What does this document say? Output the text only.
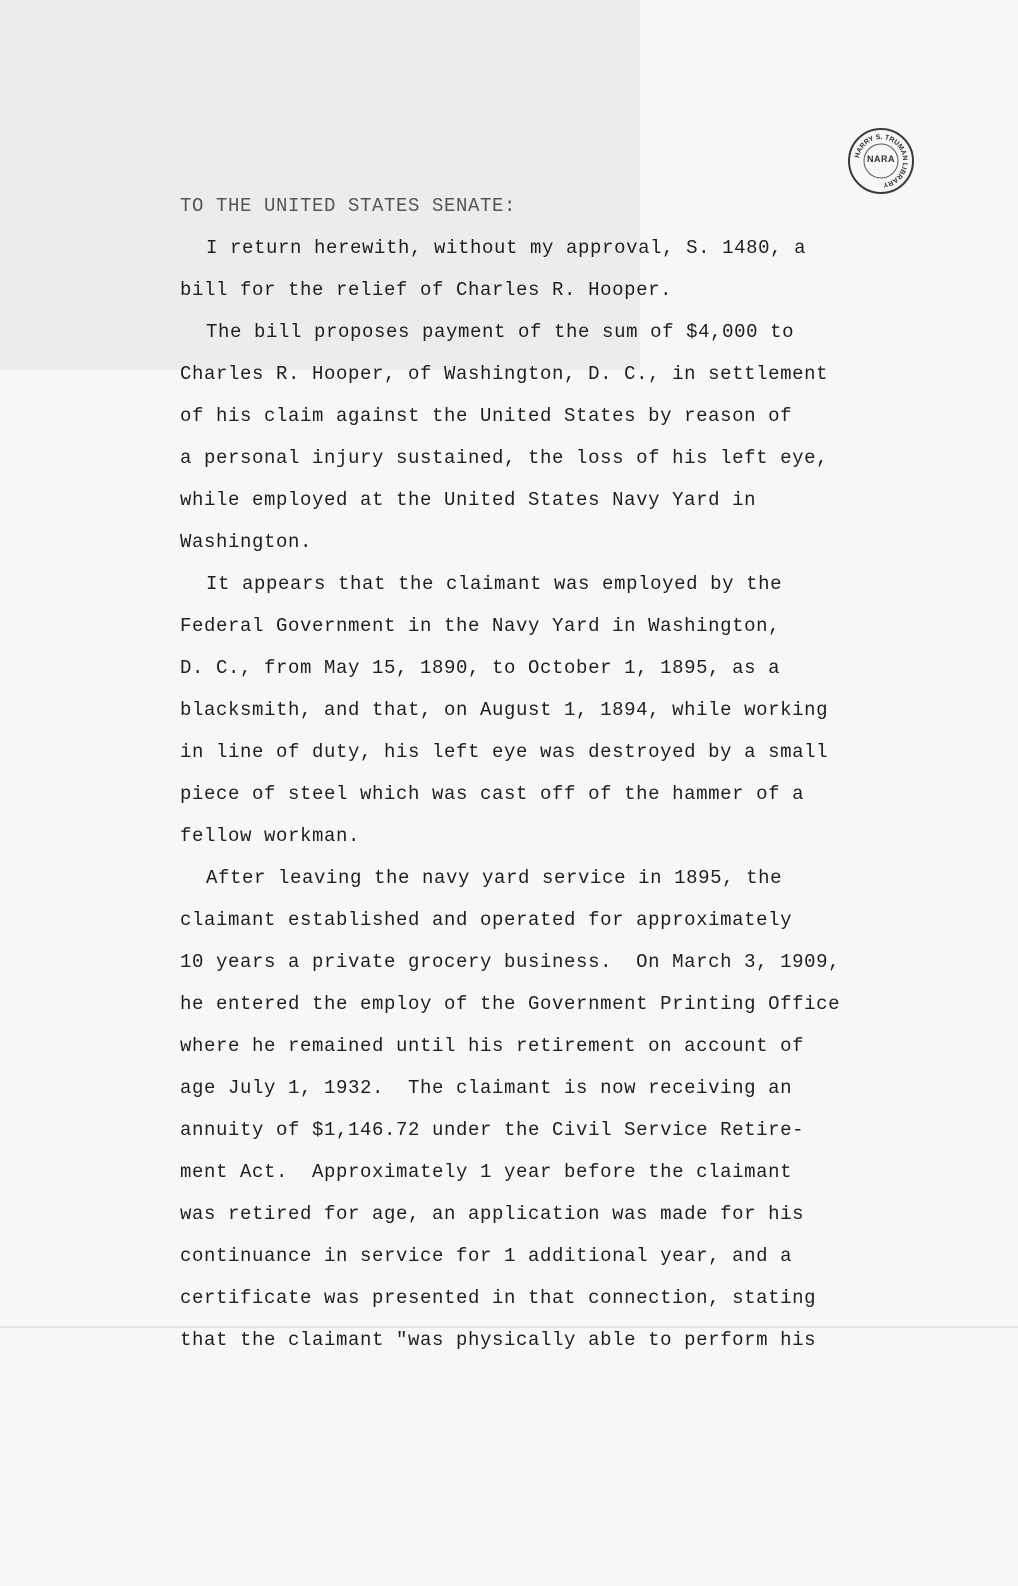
HARRY S. TRUMAN LIBRARY
NARA
TO THE UNITED STATES SENATE:
I return herewith, without my approval, S. 1480, a
bill for the relief of Charles R. Hooper.
The bill proposes payment of the sum of $4,000 to
Charles R. Hooper, of Washington, D. C., in settlement
of his claim against the United States by reason of
a personal injury sustained, the loss of his left eye,
while employed at the United States Navy Yard in
Washington.
It appears that the claimant was employed by the
Federal Government in the Navy Yard in Washington,
D. C., from May 15, 1890, to October 1, 1895, as a
blacksmith, and that, on August 1, 1894, while working
in line of duty, his left eye was destroyed by a small
piece of steel which was cast off of the hammer of a
fellow workman.
After leaving the navy yard service in 1895, the
claimant established and operated for approximately
10 years a private grocery business.  On March 3, 1909,
he entered the employ of the Government Printing Office
where he remained until his retirement on account of
age July 1, 1932.  The claimant is now receiving an
annuity of $1,146.72 under the Civil Service Retire-
ment Act.  Approximately 1 year before the claimant
was retired for age, an application was made for his
continuance in service for 1 additional year, and a
certificate was presented in that connection, stating
that the claimant "was physically able to perform his
